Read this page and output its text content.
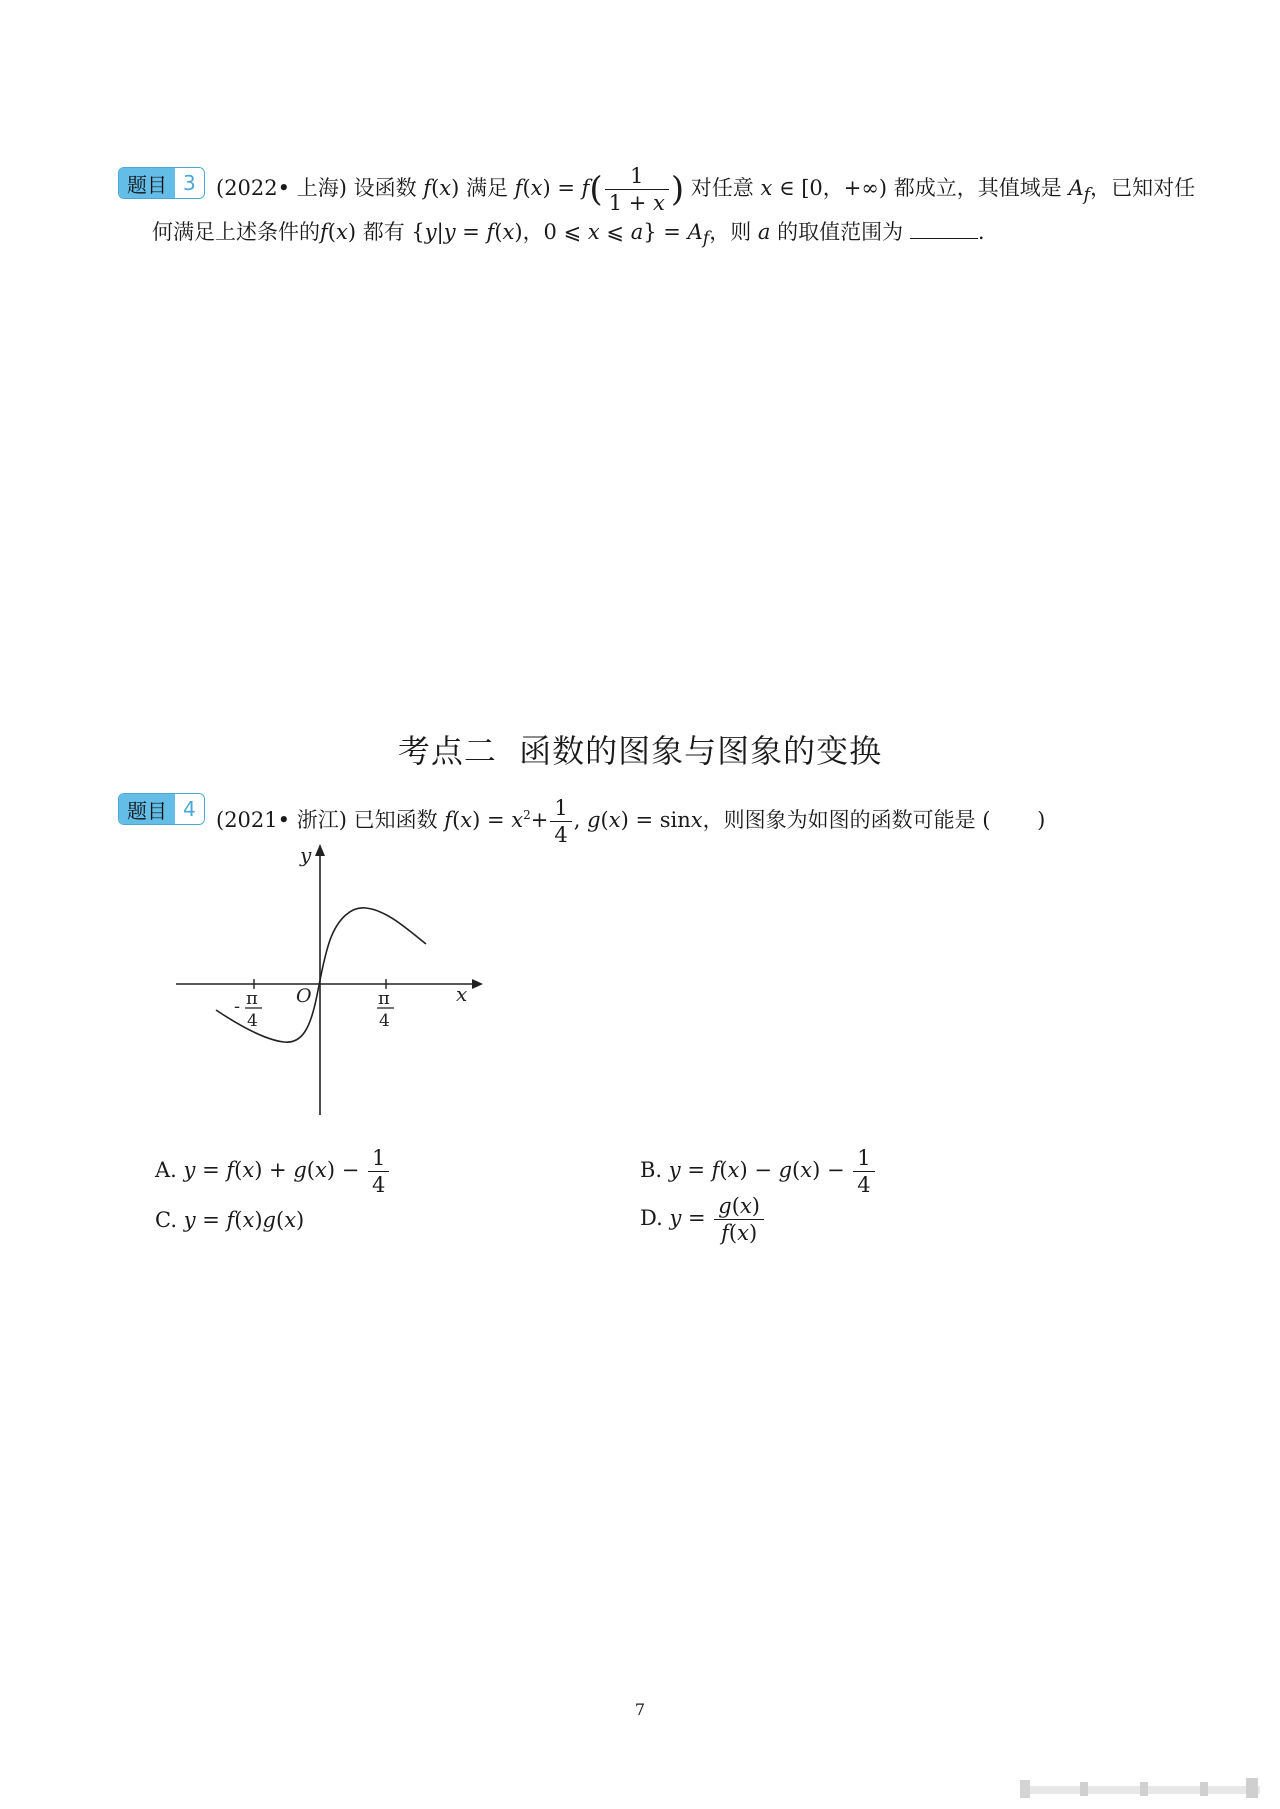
题目 3 (2022• 上海) 设函数 f(x) 满足 $f(x) = f( \frac{1}{1 + x}$ ) 对任意 x ∈ [0，+∞) 都成立，其值域是 $A_f$，已知对任
何满足上述条件的f(x) 都有 {y|y = f(x)，0 ⩽ x ⩽ $a\} = A_f$，则 a 的取值范围为	.
考点二  函数的图象与图象的变换
题目 4 (2021• 浙江) 已知函数 $f(x) = x^2+ \frac{1}{4}$ , g(x) = sinx，则图象为如图的函数可能是 ( )
y
x
O
- π
4
π
4
A. $y = f(x) + g(x) - \frac{1}{4}$	B. $y = f(x) - g(x) - \frac{1}{4}$
C. y = f(x)g(x)	D. $y = \frac{g(x)}{f(x)}$
7
